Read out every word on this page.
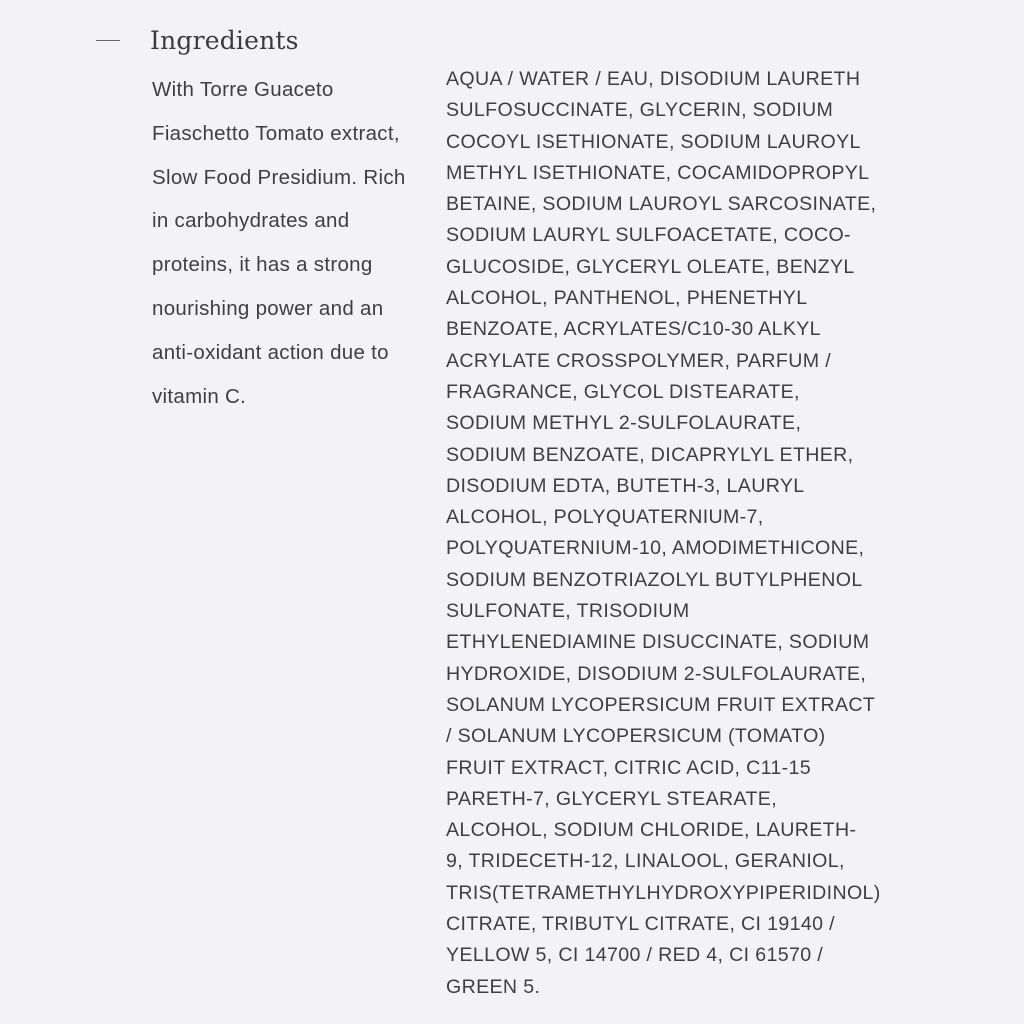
Ingredients

With Torre Guaceto Fiaschetto Tomato extract, Slow Food Presidium. Rich in carbohydrates and proteins, it has a strong nourishing power and an anti-oxidant action due to vitamin C.

AQUA / WATER / EAU, DISODIUM LAURETH
SULFOSUCCINATE, GLYCERIN, SODIUM
COCOYL ISETHIONATE, SODIUM LAUROYL
METHYL ISETHIONATE, COCAMIDOPROPYL
BETAINE, SODIUM LAUROYL SARCOSINATE,
SODIUM LAURYL SULFOACETATE, COCO-
GLUCOSIDE, GLYCERYL OLEATE, BENZYL
ALCOHOL, PANTHENOL, PHENETHYL
BENZOATE, ACRYLATES/C10-30 ALKYL
ACRYLATE CROSSPOLYMER, PARFUM /
FRAGRANCE, GLYCOL DISTEARATE,
SODIUM METHYL 2-SULFOLAURATE,
SODIUM BENZOATE, DICAPRYLYL ETHER,
DISODIUM EDTA, BUTETH-3, LAURYL
ALCOHOL, POLYQUATERNIUM-7,
POLYQUATERNIUM-10, AMODIMETHICONE,
SODIUM BENZOTRIAZOLYL BUTYLPHENOL
SULFONATE, TRISODIUM
ETHYLENEDIAMINE DISUCCINATE, SODIUM
HYDROXIDE, DISODIUM 2-SULFOLAURATE,
SOLANUM LYCOPERSICUM FRUIT EXTRACT
/ SOLANUM LYCOPERSICUM (TOMATO)
FRUIT EXTRACT, CITRIC ACID, C11-15
PARETH-7, GLYCERYL STEARATE,
ALCOHOL, SODIUM CHLORIDE, LAURETH-
9, TRIDECETH-12, LINALOOL, GERANIOL,
TRIS(TETRAMETHYLHYDROXYPIPERIDINOL)
CITRATE, TRIBUTYL CITRATE, CI 19140 /
YELLOW 5, CI 14700 / RED 4, CI 61570 /
GREEN 5.
